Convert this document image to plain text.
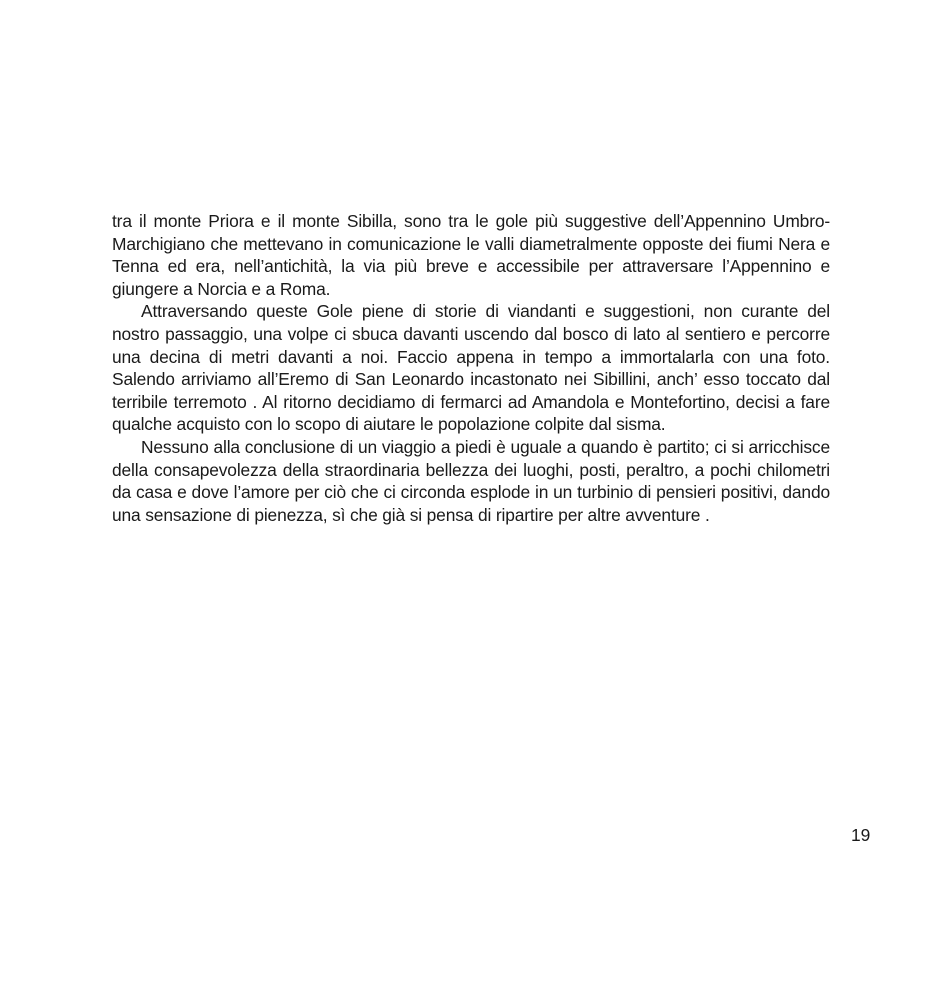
tra il monte Priora e il monte Sibilla, sono tra le gole più suggestive dell’Appennino Umbro-Marchigiano che mettevano in comunicazione le valli diametralmente opposte dei fiumi Nera e Tenna ed era, nell’antichità, la via più breve e accessibile per attraversare l’Appennino e giungere a Norcia e a Roma.

Attraversando queste Gole piene di storie di viandanti e suggestioni, non curante del nostro passaggio, una volpe ci sbuca davanti uscendo dal bosco di lato al sentiero e percorre una decina di metri davanti a noi. Faccio appena in tempo a immortalarla con una foto. Salendo arriviamo all’Eremo di San Leonardo incastonato nei Sibillini, anch’ esso toccato dal terribile terremoto . Al ritorno decidiamo di fermarci ad Amandola e Montefortino, decisi a fare qualche acquisto con lo scopo di aiutare le popolazione colpite dal sisma.

Nessuno alla conclusione di un viaggio a piedi è uguale a quando è partito; ci si arricchisce della consapevolezza della straordinaria bellezza dei luoghi, posti, peraltro, a pochi chilometri da casa e dove l’amore per ciò che ci circonda esplode in un turbinio di pensieri positivi, dando una sensazione di pienezza, sì che già si pensa di ripartire per altre avventure .

19
